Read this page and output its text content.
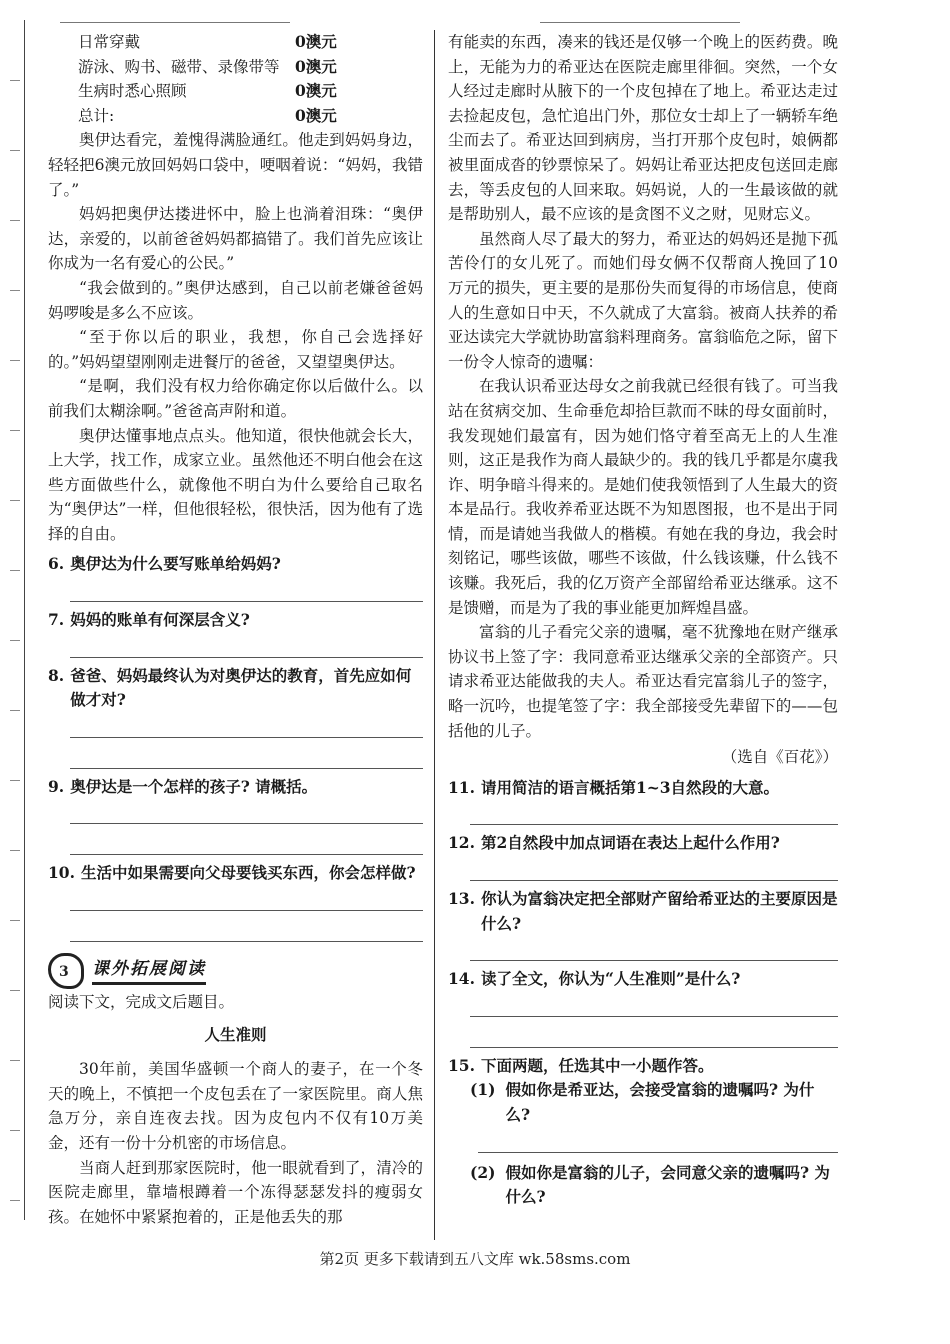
日常穿戴	0澳元
游泳、购书、磁带、录像带等 0澳元
生病时悉心照顾	0澳元
总计:	0澳元

奥伊达看完，羞愧得满脸通红。他走到妈妈身边，轻轻把6澳元放回妈妈口袋中，哽咽着说：“妈妈，我错了。”

妈妈把奥伊达搂进怀中，脸上也淌着泪珠：“奥伊达，亲爱的，以前爸爸妈妈都搞错了。我们首先应该让你成为一名有爱心的公民。”

“我会做到的。”奥伊达感到，自己以前老嫌爸爸妈妈啰唆是多么不应该。

“至于你以后的职业，我想，你自己会选择好的。”妈妈望望刚刚走进餐厅的爸爸，又望望奥伊达。

“是啊，我们没有权力给你确定你以后做什么。以前我们太糊涂啊。”爸爸高声附和道。

奥伊达懂事地点点头。他知道，很快他就会长大，上大学，找工作，成家立业。虽然他还不明白他会在这些方面做些什么，就像他不明白为什么要给自己取名为“奥伊达”一样，但他很轻松，很快活，因为他有了选择的自由。

6. 奥伊达为什么要写账单给妈妈?
7. 妈妈的账单有何深层含义?
8. 爸爸、妈妈最终认为对奥伊达的教育，首先应如何做才对?
9. 奥伊达是一个怎样的孩子? 请概括。
10. 生活中如果需要向父母要钱买东西，你会怎样做?
3 课外拓展阅读
阅读下文，完成文后题目。
人生准则

30年前，美国华盛顿一个商人的妻子，在一个冬天的晚上，不慎把一个皮包丢在了一家医院里。商人焦急万分，亲自连夜去找。因为皮包内不仅有10万美金，还有一份十分机密的市场信息。

当商人赶到那家医院时，他一眼就看到了，清冷的医院走廊里，靠墙根蹲着一个冻得瑟瑟发抖的瘦弱女孩。在她怀中紧紧抱着的，正是他丢失的那

有能卖的东西，凑来的钱还是仅够一个晚上的医药费。晚上，无能为力的希亚达在医院走廊里徘徊。突然，一个女人经过走廊时从腋下的一个皮包掉在了地上。希亚达走过去捡起皮包，急忙追出门外，那位女士却上了一辆轿车绝尘而去了。希亚达回到病房，当打开那个皮包时，娘俩都被里面成沓的钞票惊呆了。妈妈让希亚达把皮包送回走廊去，等丢皮包的人回来取。妈妈说，人的一生最该做的就是帮助别人，最不应该的是贪图不义之财，见财忘义。

虽然商人尽了最大的努力，希亚达的妈妈还是抛下孤苦伶仃的女儿死了。而她们母女俩不仅帮商人挽回了10万元的损失，更主要的是那份失而复得的市场信息，使商人的生意如日中天，不久就成了大富翁。被商人扶养的希亚达读完大学就协助富翁料理商务。富翁临危之际，留下一份令人惊奇的遗嘱：

在我认识希亚达母女之前我就已经很有钱了。可当我站在贫病交加、生命垂危却拾巨款而不昧的母女面前时，我发现她们最富有，因为她们恪守着至高无上的人生准则，这正是我作为商人最缺少的。我的钱几乎都是尔虞我诈、明争暗斗得来的。是她们使我领悟到了人生最大的资本是品行。我收养希亚达既不为知恩图报，也不是出于同情，而是请她当我做人的楷模。有她在我的身边，我会时刻铭记，哪些该做，哪些不该做，什么钱该赚，什么钱不该赚。我死后，我的亿万资产全部留给希亚达继承。这不是馈赠，而是为了我的事业能更加辉煌昌盛。

富翁的儿子看完父亲的遗嘱，毫不犹豫地在财产继承协议书上签了字：我同意希亚达继承父亲的全部资产。只请求希亚达能做我的夫人。希亚达看完富翁儿子的签字，略一沉吟，也提笔签了字：我全部接受先辈留下的——包括他的儿子。

（选自《百花》）
11. 请用简洁的语言概括第1~3自然段的大意。
12. 第2自然段中加点词语在表达上起什么作用?
13. 你认为富翁决定把全部财产留给希亚达的主要原因是什么?
14. 读了全文，你认为“人生准则”是什么?
15. 下面两题，任选其中一小题作答。
(1) 假如你是希亚达，会接受富翁的遗嘱吗? 为什么?
(2) 假如你是富翁的儿子，会同意父亲的遗嘱吗? 为什么?
第2页 更多下载请到五八文库 wk.58sms.com
